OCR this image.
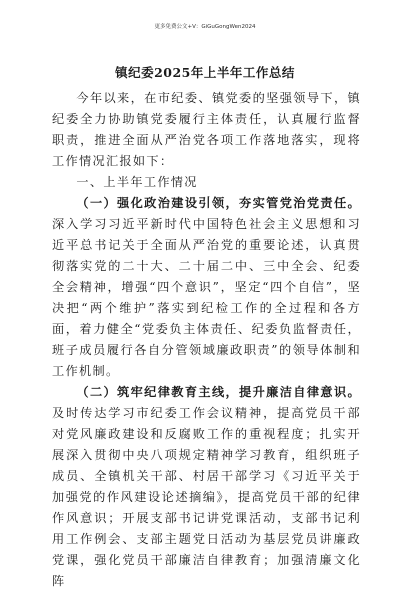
更多免费公文+V：GiGuGongWen2024
镇纪委2025年上半年工作总结

今年以来，在市纪委、镇党委的坚强领导下，镇纪委全力协助镇党委履行主体责任，认真履行监督职责，推进全面从严治党各项工作落地落实，现将工作情况汇报如下：

一、上半年工作情况

（一）强化政治建设引领，夯实管党治党责任。深入学习习近平新时代中国特色社会主义思想和习近平总书记关于全面从严治党的重要论述，认真贯彻落实党的二十大、二十届二中、三中全会、纪委全会精神，增强“四个意识”，坚定“四个自信”，坚决把“两个维护”落实到纪检工作的全过程和各方面，着力健全“党委负主体责任、纪委负监督责任，班子成员履行各自分管领域廉政职责”的领导体制和工作机制。

（二）筑牢纪律教育主线，提升廉洁自律意识。及时传达学习市纪委工作会议精神，提高党员干部对党风廉政建设和反腐败工作的重视程度；扎实开展深入贯彻中央八项规定精神学习教育，组织班子成员、全镇机关干部、村居干部学习《习近平关于加强党的作风建设论述摘编》，提高党员干部的纪律作风意识；开展支部书记讲党课活动，支部书记利用工作例会、支部主题党日活动为基层党员讲廉政党课，强化党员干部廉洁自律教育；加强清廉文化阵
